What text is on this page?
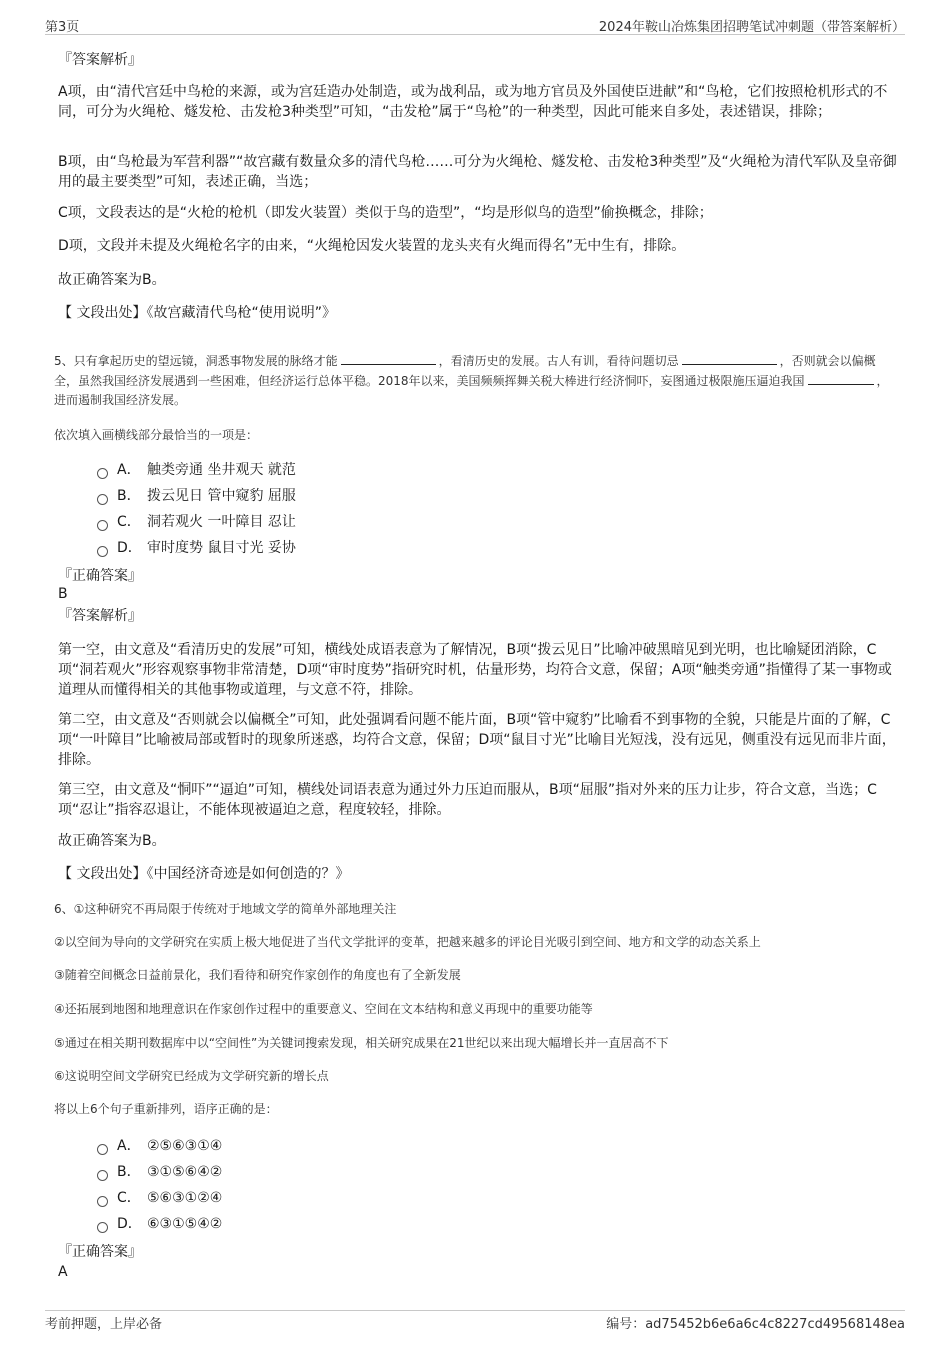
第3页	2024年鞍山冶炼集团招聘笔试冲刺题（带答案解析）
『答案解析』
A项，由“清代宫廷中鸟枪的来源，或为宫廷造办处制造，或为战利品，或为地方官员及外国使臣进献”和“鸟枪，它们按照枪机形式的不同，可分为火绳枪、燧发枪、击发枪3种类型”可知，“击发枪”属于“鸟枪”的一种类型，因此可能来自多处，表述错误，排除；
B项，由“鸟枪最为军营利器”“故宫藏有数量众多的清代鸟枪……可分为火绳枪、燧发枪、击发枪3种类型”及“火绳枪为清代军队及皇帝御用的最主要类型”可知，表述正确，当选；
C项，文段表达的是“火枪的枪机（即发火装置）类似于鸟的造型”，“均是形似鸟的造型”偷换概念，排除；
D项，文段并未提及火绳枪名字的由来，“火绳枪因发火装置的龙头夹有火绳而得名”无中生有，排除。
故正确答案为B。
【 文段出处】《故宫藏清代鸟枪“使用说明”》
5、只有拿起历史的望远镜，洞悉事物发展的脉络才能	，看清历史的发展。古人有训，看待问题切忌	，否则就会以偏概全，虽然我国经济发展遇到一些困难，但经济运行总体平稳。2018年以来，美国频频挥舞关税大棒进行经济恫吓，妄图通过极限施压逼迫我国	，进而遏制我国经济发展。
依次填入画横线部分最恰当的一项是：
A． 触类旁通 坐井观天 就范
B． 拨云见日 管中窥豹 屈服
C． 洞若观火 一叶障目 忍让
D． 审时度势 鼠目寸光 妥协
『正确答案』
B
『答案解析』
第一空，由文意及“看清历史的发展”可知，横线处成语表意为了解情况，B项“拨云见日”比喻冲破黑暗见到光明，也比喻疑团消除，C项“洞若观火”形容观察事物非常清楚，D项“审时度势”指研究时机，估量形势，均符合文意，保留；A项“触类旁通”指懂得了某一事物或道理从而懂得相关的其他事物或道理，与文意不符，排除。
第二空，由文意及“否则就会以偏概全”可知，此处强调看问题不能片面，B项“管中窥豹”比喻看不到事物的全貌，只能是片面的了解，C项“一叶障目”比喻被局部或暂时的现象所迷惑，均符合文意，保留；D项“鼠目寸光”比喻目光短浅，没有远见，侧重没有远见而非片面，排除。
第三空，由文意及“恫吓”“逼迫”可知，横线处词语表意为通过外力压迫而服从，B项“屈服”指对外来的压力让步，符合文意，当选；C项“忍让”指容忍退让，不能体现被逼迫之意，程度较轻，排除。
故正确答案为B。
【 文段出处】《中国经济奇迹是如何创造的？》
6、①这种研究不再局限于传统对于地域文学的简单外部地理关注
②以空间为导向的文学研究在实质上极大地促进了当代文学批评的变革，把越来越多的评论目光吸引到空间、地方和文学的动态关系上
③随着空间概念日益前景化，我们看待和研究作家创作的角度也有了全新发展
④还拓展到地图和地理意识在作家创作过程中的重要意义、空间在文本结构和意义再现中的重要功能等
⑤通过在相关期刊数据库中以“空间性”为关键词搜索发现，相关研究成果在21世纪以来出现大幅增长并一直居高不下
⑥这说明空间文学研究已经成为文学研究新的增长点
将以上6个句子重新排列，语序正确的是：
A． ②⑤⑥③①④
B． ③①⑤⑥④②
C． ⑤⑥③①②④
D． ⑥③①⑤④②
『正确答案』
A
考前押题，上岸必备	编号：ad75452b6e6a6c4c8227cd49568148ea
